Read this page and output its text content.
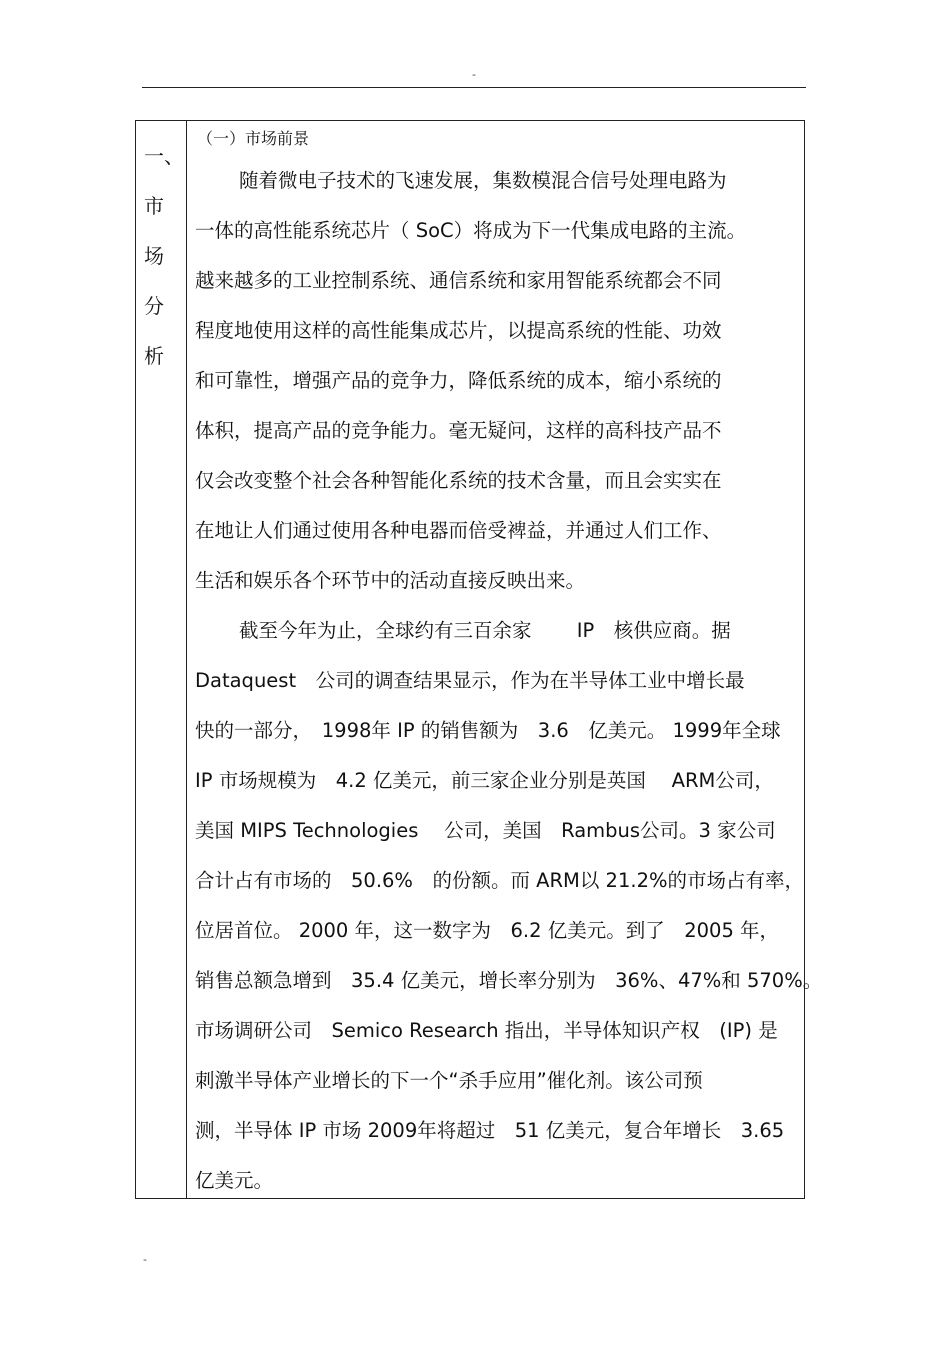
-
一、
市
场
分
析
（一）市场前景
随着微电子技术的飞速发展，集数模混合信号处理电路为
一体的高性能系统芯片（ SoC）将成为下一代集成电路的主流。
越来越多的工业控制系统、通信系统和家用智能系统都会不同
程度地使用这样的高性能集成芯片，以提高系统的性能、功效
和可靠性，增强产品的竞争力，降低系统的成本，缩小系统的
体积，提高产品的竞争能力。毫无疑问，这样的高科技产品不
仅会改变整个社会各种智能化系统的技术含量，而且会实实在
在地让人们通过使用各种电器而倍受裨益，并通过人们工作、
生活和娱乐各个环节中的活动直接反映出来。
截至今年为止，全球约有三百余家　　 IP　核供应商。据
Dataquest　公司的调查结果显示，作为在半导体工业中增长最
快的一部分，　1998年 IP 的销售额为　3.6　亿美元。 1999年全球
IP 市场规模为　4.2 亿美元，前三家企业分别是英国　 ARM公司，
美国 MIPS Technologies　 公司，美国　Rambus公司。3 家公司
合计占有市场的　50.6%　的份额。而 ARM以 21.2%的市场占有率，
位居首位。 2000 年，这一数字为　6.2 亿美元。到了　2005 年，
销售总额急增到　35.4 亿美元，增长率分别为　36%、47%和 570%。
市场调研公司　Semico Research 指出，半导体知识产权　(IP) 是
刺激半导体产业增长的下一个“杀手应用”催化剂。该公司预
测，半导体 IP 市场 2009年将超过　51 亿美元，复合年增长　3.65
亿美元。
-
